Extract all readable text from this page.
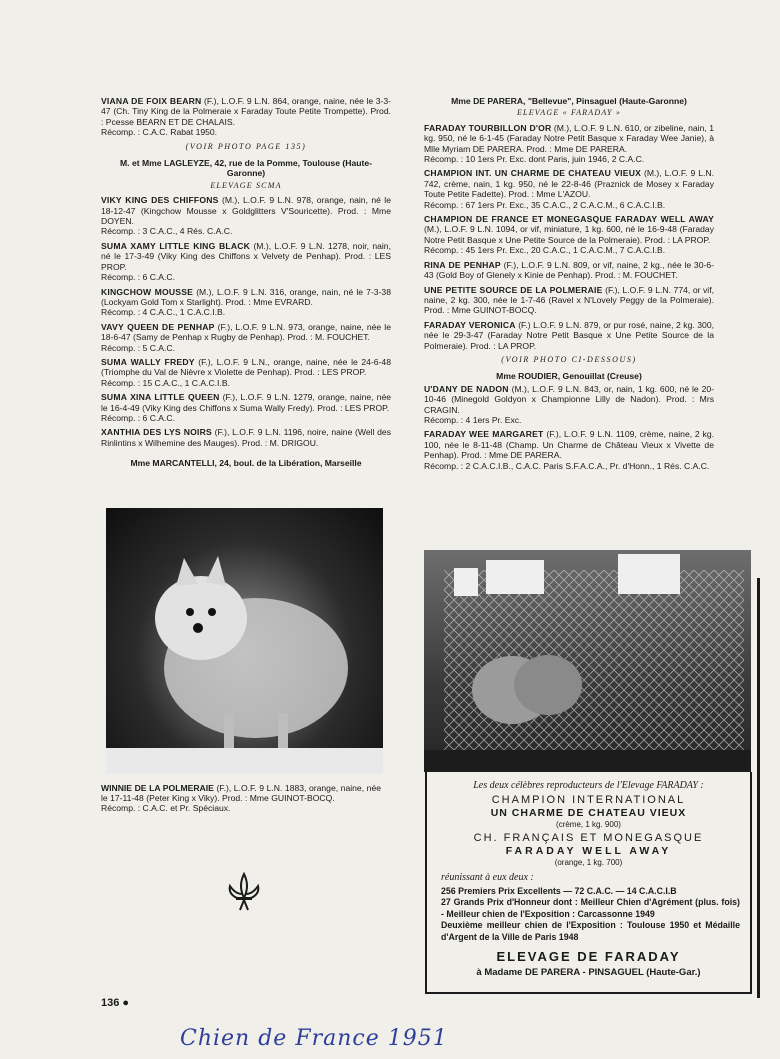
VIANA DE FOIX BEARN (F.), L.O.F. 9 L.N. 864, orange, naine, née le 3-3-47 (Ch. Tiny King de la Polmeraie x Faraday Toute Petite Trompette). Prod. : Pcesse BEARN ET DE CHALAIS.
Récomp. : C.A.C. Rabat 1950.
(VOIR PHOTO PAGE 135)
M. et Mme LAGLEYZE, 42, rue de la Pomme, Toulouse (Haute-Garonne)
ELEVAGE SCMA
VIKY KING DES CHIFFONS (M.), L.O.F. 9 L.N. 978, orange, nain, né le 18-12-47 (Kingchow Mousse x Goldglitters V'Souricette). Prod. : Mme DOYEN.
Récomp. : 3 C.A.C., 4 Rés. C.A.C.
SUMA XAMY LITTLE KING BLACK (M.), L.O.F. 9 L.N. 1278, noir, nain, né le 17-3-49 (Viky King des Chiffons x Velvety de Penhap). Prod. : LES PROP.
Récomp. : 6 C.A.C.
KINGCHOW MOUSSE (M.), L.O.F. 9 L.N. 316, orange, nain, né le 7-3-38 (Lockyam Gold Tom x Starlight). Prod. : Mme EVRARD.
Récomp. : 4 C.A.C., 1 C.A.C.I.B.
VAVY QUEEN DE PENHAP (F.), L.O.F. 9 L.N. 973, orange, naine, née le 18-6-47 (Samy de Penhap x Rugby de Penhap). Prod. : M. FOUCHET.
Récomp. : 5 C.A.C.
SUMA WALLY FREDY (F.), L.O.F. 9 L.N., orange, naine, née le 24-6-48 (Triomphe du Val de Nièvre x Violette de Penhap). Prod. : LES PROP.
Récomp. : 15 C.A.C., 1 C.A.C.I.B.
SUMA XINA LITTLE QUEEN (F.), L.O.F. 9 L.N. 1279, orange, naine, née le 16-4-49 (Viky King des Chiffons x Suma Wally Fredy). Prod. : LES PROP.
Récomp. : 6 C.A.C.
XANTHIA DES LYS NOIRS (F.), L.O.F. 9 L.N. 1196, noire, naine (Well des Rinlintins x Wilhemine des Mauges). Prod. : M. DRIGOU.
Mme MARCANTELLI, 24, boul. de la Libération, Marseille
WINNIE DE LA POLMERAIE (F.), L.O.F. 9 L.N. 1883, orange, naine, née le 17-11-48 (Peter King x Viky). Prod. : Mme GUINOT-BOCQ.
Récomp. : C.A.C. et Pr. Spéciaux.
Mme DE PARERA, "Bellevue", Pinsaguel (Haute-Garonne)
ELEVAGE « FARADAY »
FARADAY TOURBILLON D'OR (M.), L.O.F. 9 L.N. 610, or zibeline, nain, 1 kg. 950, né le 6-1-45 (Faraday Notre Petit Basque x Faraday Wee Janie), à Mlle Myriam DE PARERA. Prod. : Mme DE PARERA.
Récomp. : 10 1ers Pr. Exc. dont Paris, juin 1946, 2 C.A.C.
CHAMPION INT. UN CHARME DE CHATEAU VIEUX (M.), L.O.F. 9 L.N. 742, crème, nain, 1 kg. 950, né le 22-8-46 (Praznick de Mosey x Faraday Toute Petite Fadette). Prod. : Mme L'AZOU.
Récomp. : 67 1ers Pr. Exc., 35 C.A.C., 2 C.A.C.M., 6 C.A.C.I.B.
CHAMPION DE FRANCE ET MONEGASQUE FARADAY WELL AWAY (M.), L.O.F. 9 L.N. 1094, or vif, miniature, 1 kg. 600, né le 16-9-48 (Faraday Notre Petit Basque x Une Petite Source de la Polmeraie). Prod. : LA PROP.
Récomp. : 45 1ers Pr. Exc., 20 C.A.C., 1 C.A.C.M., 7 C.A.C.I.B.
RINA DE PENHAP (F.), L.O.F. 9 L.N. 809, or vif, naine, 2 kg., née le 30-6-43 (Gold Boy of Glenely x Kinie de Penhap). Prod. : M. FOUCHET.
UNE PETITE SOURCE DE LA POLMERAIE (F.), L.O.F. 9 L.N. 774, or vif, naine, 2 kg. 300, née le 1-7-46 (Ravel x N'Lovely Peggy de la Polmeraie). Prod. : Mme GUINOT-BOCQ.
FARADAY VERONICA (F.) L.O.F. 9 L.N. 879, or pur rosé, naine, 2 kg. 300, née le 29-3-47 (Faraday Notre Petit Basque x Une Petite Source de la Polmeraie). Prod. : LA PROP.
(VOIR PHOTO CI-DESSOUS)
Mme ROUDIER, Genouillat (Creuse)
U'DANY DE NADON (M.), L.O.F. 9 L.N. 843, or, nain, 1 kg. 600, né le 20-10-46 (Minegold Goldyon x Championne Lilly de Nadon). Prod. : Mrs CRAGIN.
Récomp. : 4 1ers Pr. Exc.
FARADAY WEE MARGARET (F.), L.O.F. 9 L.N. 1109, crème, naine, 2 kg. 100, née le 8-11-48 (Champ. Un Charme de Château Vieux x Vivette de Penhap). Prod. : Mme DE PARERA.
Récomp. : 2 C.A.C.I.B., C.A.C. Paris S.F.A.C.A., Pr. d'Honn., 1 Rés. C.A.C.
Les deux célèbres reproducteurs de l'Elevage FARADAY :
CHAMPION INTERNATIONAL
UN CHARME DE CHATEAU VIEUX
(crème, 1 kg. 900)
CH. FRANÇAIS ET MONEGASQUE
FARADAY WELL AWAY
(orange, 1 kg. 700)
réunissant à eux deux :
256 Premiers Prix Excellents — 72 C.A.C. — 14 C.A.C.I.B
27 Grands Prix d'Honneur dont : Meilleur Chien d'Agrément (plus. fois) - Meilleur chien de l'Exposition : Carcassonne 1949
Deuxième meilleur chien de l'Exposition : Toulouse 1950 et Médaille d'Argent de la Ville de Paris 1948
ELEVAGE DE FARADAY
à Madame DE PARERA - PINSAGUEL (Haute-Gar.)
136 ●
Chien de France 1951
